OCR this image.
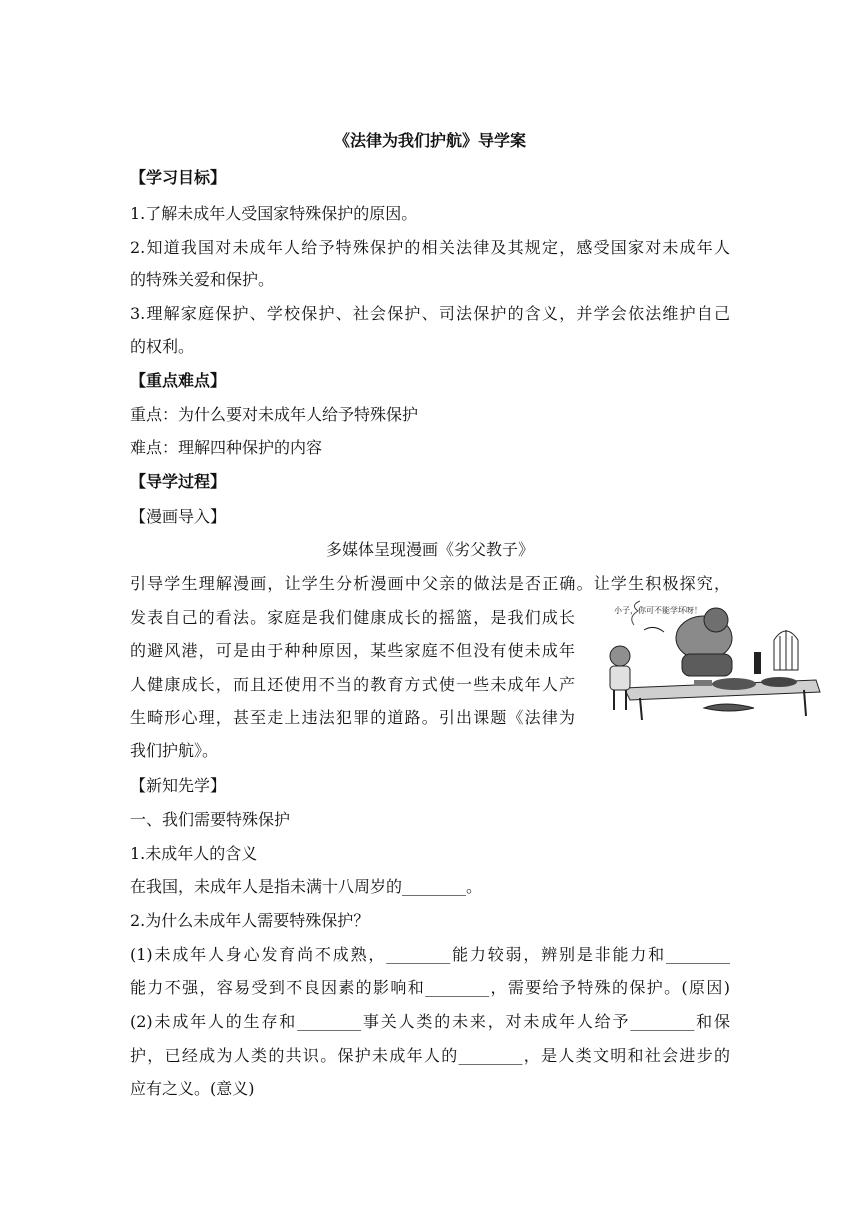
《法律为我们护航》导学案
【学习目标】
1.了解未成年人受国家特殊保护的原因。
2.知道我国对未成年人给予特殊保护的相关法律及其规定，感受国家对未成年人
的特殊关爱和保护。
3.理解家庭保护、学校保护、社会保护、司法保护的含义，并学会依法维护自己
的权利。
【重点难点】
重点：为什么要对未成年人给予特殊保护
难点：理解四种保护的内容
【导学过程】
【漫画导入】
多媒体呈现漫画《劣父教子》
引导学生理解漫画，让学生分析漫画中父亲的做法是否正确。让学生积极探究，
发表自己的看法。家庭是我们健康成长的摇篮，是我们成长
的避风港，可是由于种种原因，某些家庭不但没有使未成年
人健康成长，而且还使用不当的教育方式使一些未成年人产
生畸形心理，甚至走上违法犯罪的道路。引出课题《法律为
我们护航》。
【新知先学】
一、我们需要特殊保护
1.未成年人的含义
在我国，未成年人是指未满十八周岁的________。
2.为什么未成年人需要特殊保护？
(1)未成年人身心发育尚不成熟，________能力较弱，辨别是非能力和________
能力不强，容易受到不良因素的影响和________，需要给予特殊的保护。(原因)
(2)未成年人的生存和________事关人类的未来，对未成年人给予________和保
护，已经成为人类的共识。保护未成年人的________，是人类文明和社会进步的
应有之义。(意义)
小子，你可不能学坏呀！
